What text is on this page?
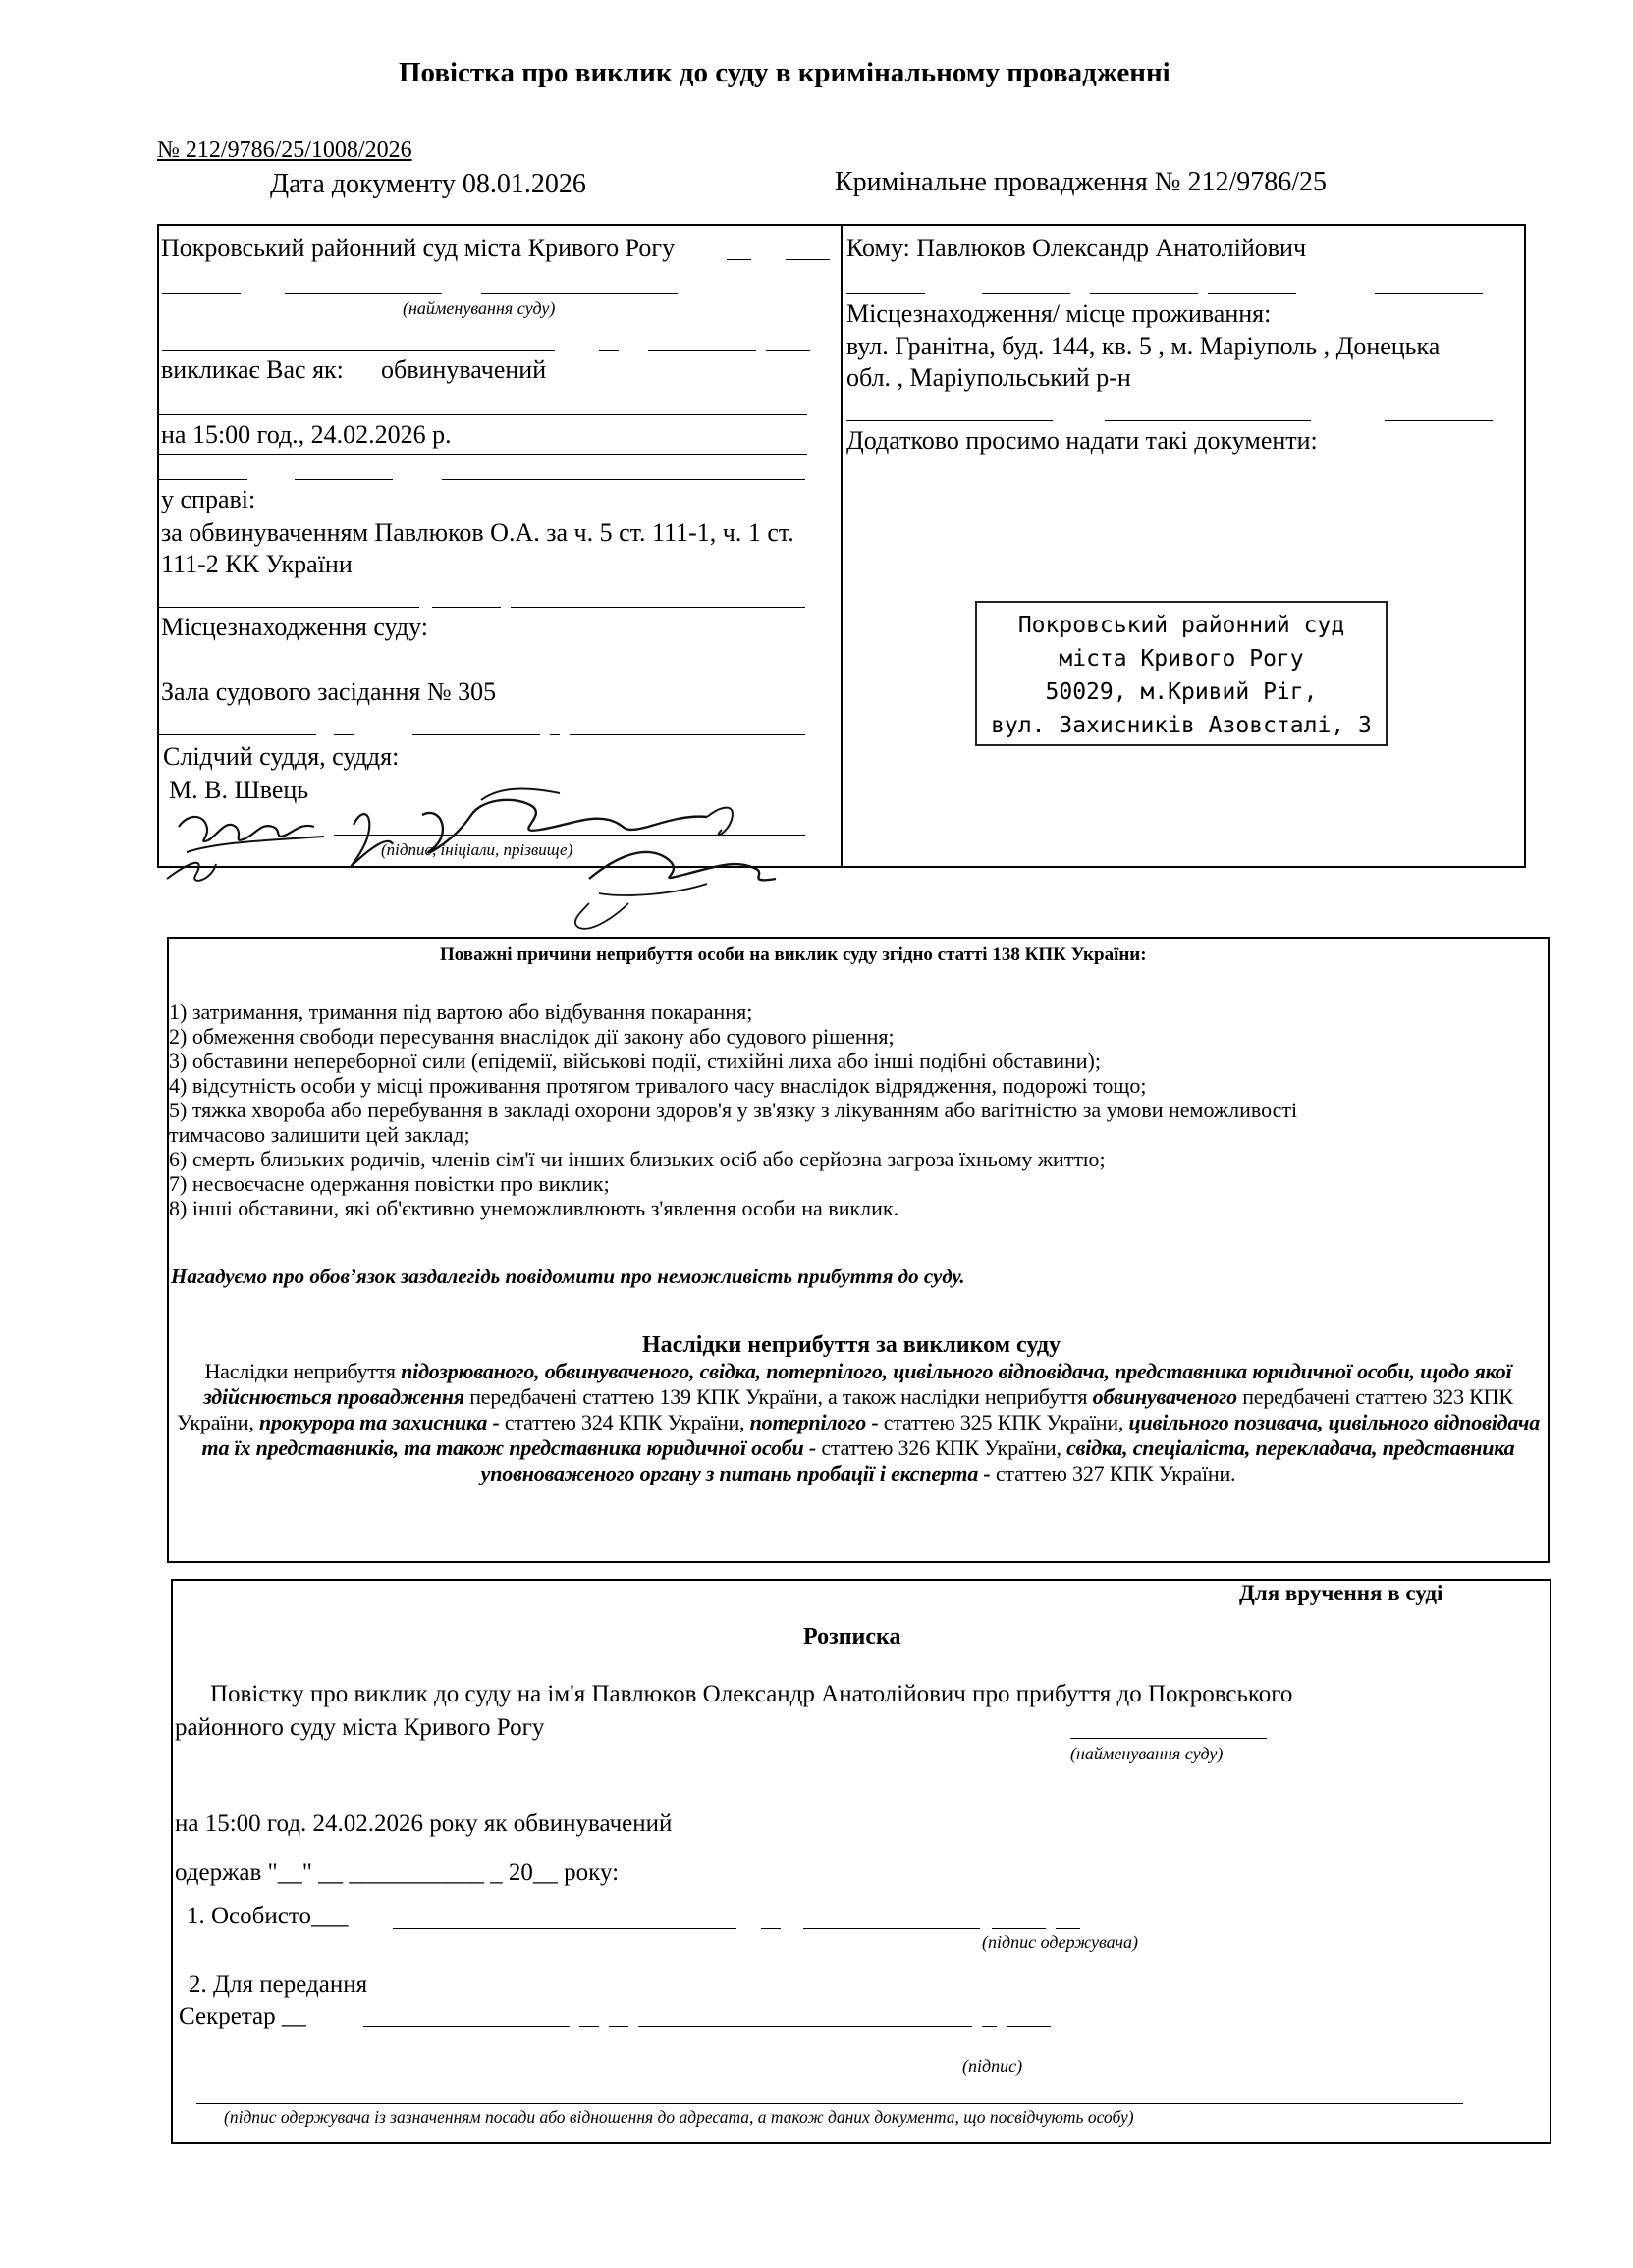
Повістка про виклик до суду в кримінальному провадженні
№ 212/9786/25/1008/2026
Дата документу 08.01.2026	Кримінальне провадження № 212/9786/25
Покровський районний суд міста Кривого Рогу
(найменування суду)
викликає Вас як: обвинувачений
на 15:00 год., 24.02.2026 р.
у справі:
за обвинуваченням Павлюков О.А. за ч. 5 ст. 111-1, ч. 1 ст.
111-2 КК України
Місцезнаходження суду:
Зала судового засідання № 305
Слідчий суддя, суддя:
М. В. Швець
(підпис, ініціали, прізвище)
Кому: Павлюков Олександр Анатолійович
Місцезнаходження/ місце проживання:
вул. Гранітна, буд. 144, кв. 5 , м. Маріуполь , Донецька
обл. , Маріупольський р-н
Додатково просимо надати такі документи:
Покровський районний суд
міста Кривого Рогу
50029, м.Кривий Ріг,
вул. Захисників Азовсталі, 3
Поважні причини неприбуття особи на виклик суду згідно статті 138 КПК України:
1) затримання, тримання під вартою або відбування покарання;
2) обмеження свободи пересування внаслідок дії закону або судового рішення;
3) обставини непереборної сили (епідемії, військові події, стихійні лиха або інші подібні обставини);
4) відсутність особи у місці проживання протягом тривалого часу внаслідок відрядження, подорожі тощо;
5) тяжка хвороба або перебування в закладі охорони здоров'я у зв'язку з лікуванням або вагітністю за умови неможливості
тимчасово залишити цей заклад;
6) смерть близьких родичів, членів сім'ї чи інших близьких осіб або серйозна загроза їхньому життю;
7) несвоєчасне одержання повістки про виклик;
8) інші обставини, які об'єктивно унеможливлюють з'явлення особи на виклик.
Нагадуємо про обов’язок заздалегідь повідомити про неможливість прибуття до суду.
Наслідки неприбуття за викликом суду
Наслідки неприбуття підозрюваного, обвинуваченого, свідка, потерпілого, цивільного відповідача, представника юридичної особи, щодо якої здійснюється провадження передбачені статтею 139 КПК України, а також наслідки неприбуття обвинуваченого передбачені статтею 323 КПК України, прокурора та захисника - статтею 324 КПК України, потерпілого - статтею 325 КПК України, цивільного позивача, цивільного відповідача та їх представників, та також представника юридичної особи - статтею 326 КПК України, свідка, спеціаліста, перекладача, представника уповноваженого органу з питань пробації і експерта - статтею 327 КПК України.
Для вручення в суді
Розписка
Повістку про виклик до суду на ім'я Павлюков Олександр Анатолійович про прибуття до Покровського
районного суду міста Кривого Рогу
(найменування суду)
на 15:00 год. 24.02.2026 року як обвинувачений
одержав "__" __ ___________ _ 20__ року:
1. Особисто___
(підпис одержувача)
2. Для передання
Секретар __
(підпис)
(підпис одержувача із зазначенням посади або відношення до адресата, а також даних документа, що посвідчують особу)
